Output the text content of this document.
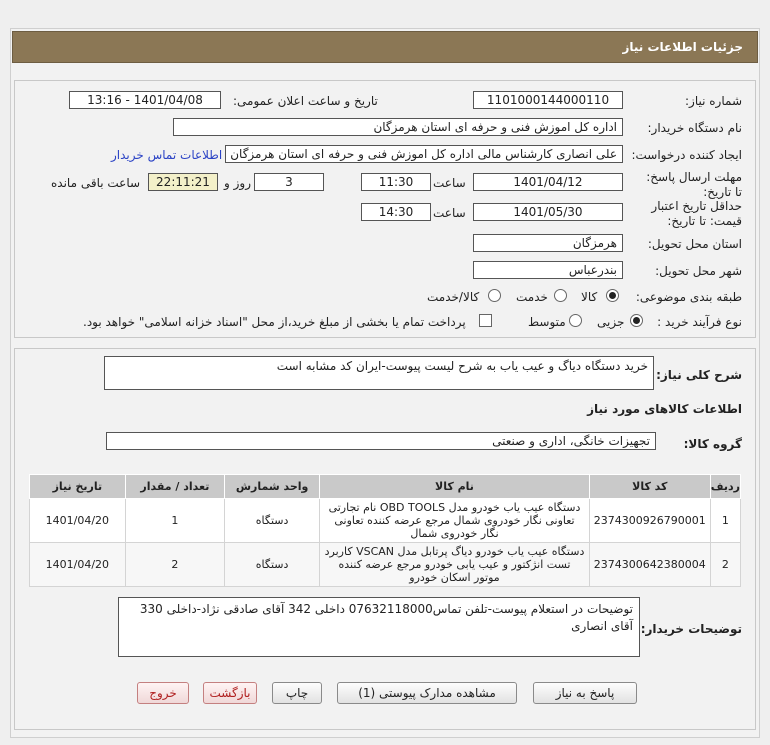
جزئیات اطلاعات نیاز
شماره نیاز:
1101000144000110
تاریخ و ساعت اعلان عمومی:
1401/04/08 - 13:16
نام دستگاه خریدار:
اداره کل اموزش فنی و حرفه ای استان هرمزگان
ایجاد کننده درخواست:
علی انصاری کارشناس مالی اداره کل اموزش فنی و حرفه ای استان هرمزگان
اطلاعات تماس خریدار
مهلت ارسال پاسخ: تا تاریخ:
1401/04/12
ساعت
11:30
3
روز و
22:11:21
ساعت باقی مانده
حداقل تاریخ اعتبار قیمت: تا تاریخ:
1401/05/30
ساعت
14:30
استان محل تحویل:
هرمزگان
شهر محل تحویل:
بندرعباس
طبقه بندی موضوعی:
کالا
خدمت
کالا/خدمت
نوع فرآیند خرید :
جزیی
متوسط
پرداخت تمام یا بخشی از مبلغ خرید،از محل "اسناد خزانه اسلامی" خواهد بود.
شرح کلی نیاز:
خرید دستگاه دیاگ و عیب یاب به شرح لیست پیوست-ایران کد مشابه است
اطلاعات کالاهای مورد نیاز
گروه کالا:
تجهیزات خانگی، اداری و صنعتی
ردیف	کد کالا	نام کالا	واحد شمارش	تعداد / مقدار	تاریخ نیاز
1	2374300926790001	دستگاه عیب یاب خودرو مدل OBD TOOLS نام تجارتی تعاونی نگار خودروی شمال مرجع عرضه کننده تعاونی نگار خودروی شمال	دستگاه	1	1401/04/20
2	2374300642380004	دستگاه عیب یاب خودرو دیاگ پرتابل مدل VSCAN کاربرد تست انژکتور و عیب یابی خودرو مرجع عرضه کننده موتور اسکان خودرو	دستگاه	2	1401/04/20
توضیحات خریدار:
توضیحات در استعلام پیوست-تلفن تماس07632118000 داخلی 342 آقای صادقی نژاد-داخلی 330 آقای انصاری
پاسخ به نیاز
مشاهده مدارک پیوستی (1)
چاپ
بازگشت
خروج
